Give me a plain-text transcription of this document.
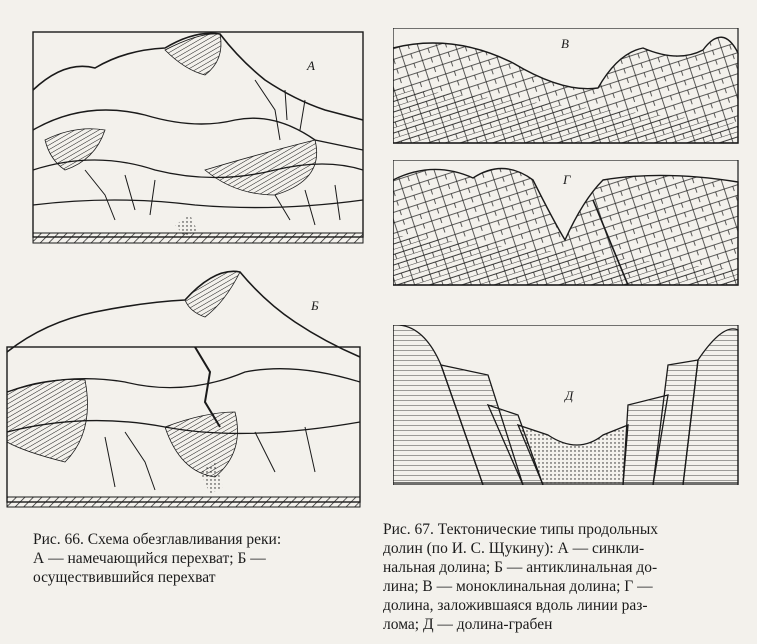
А
Б
В
Г
Д
Рис. 66. Схема обезглавливания реки:
А — намечающийся перехват; Б —
осуществившийся перехват
Рис. 67. Тектонические типы продольных
долин (по И. С. Щукину): А — синкли-
нальная долина; Б — антиклинальная до-
лина; В — моноклинальная долина; Г —
долина, заложившаяся вдоль линии раз-
лома; Д — долина-грабен
